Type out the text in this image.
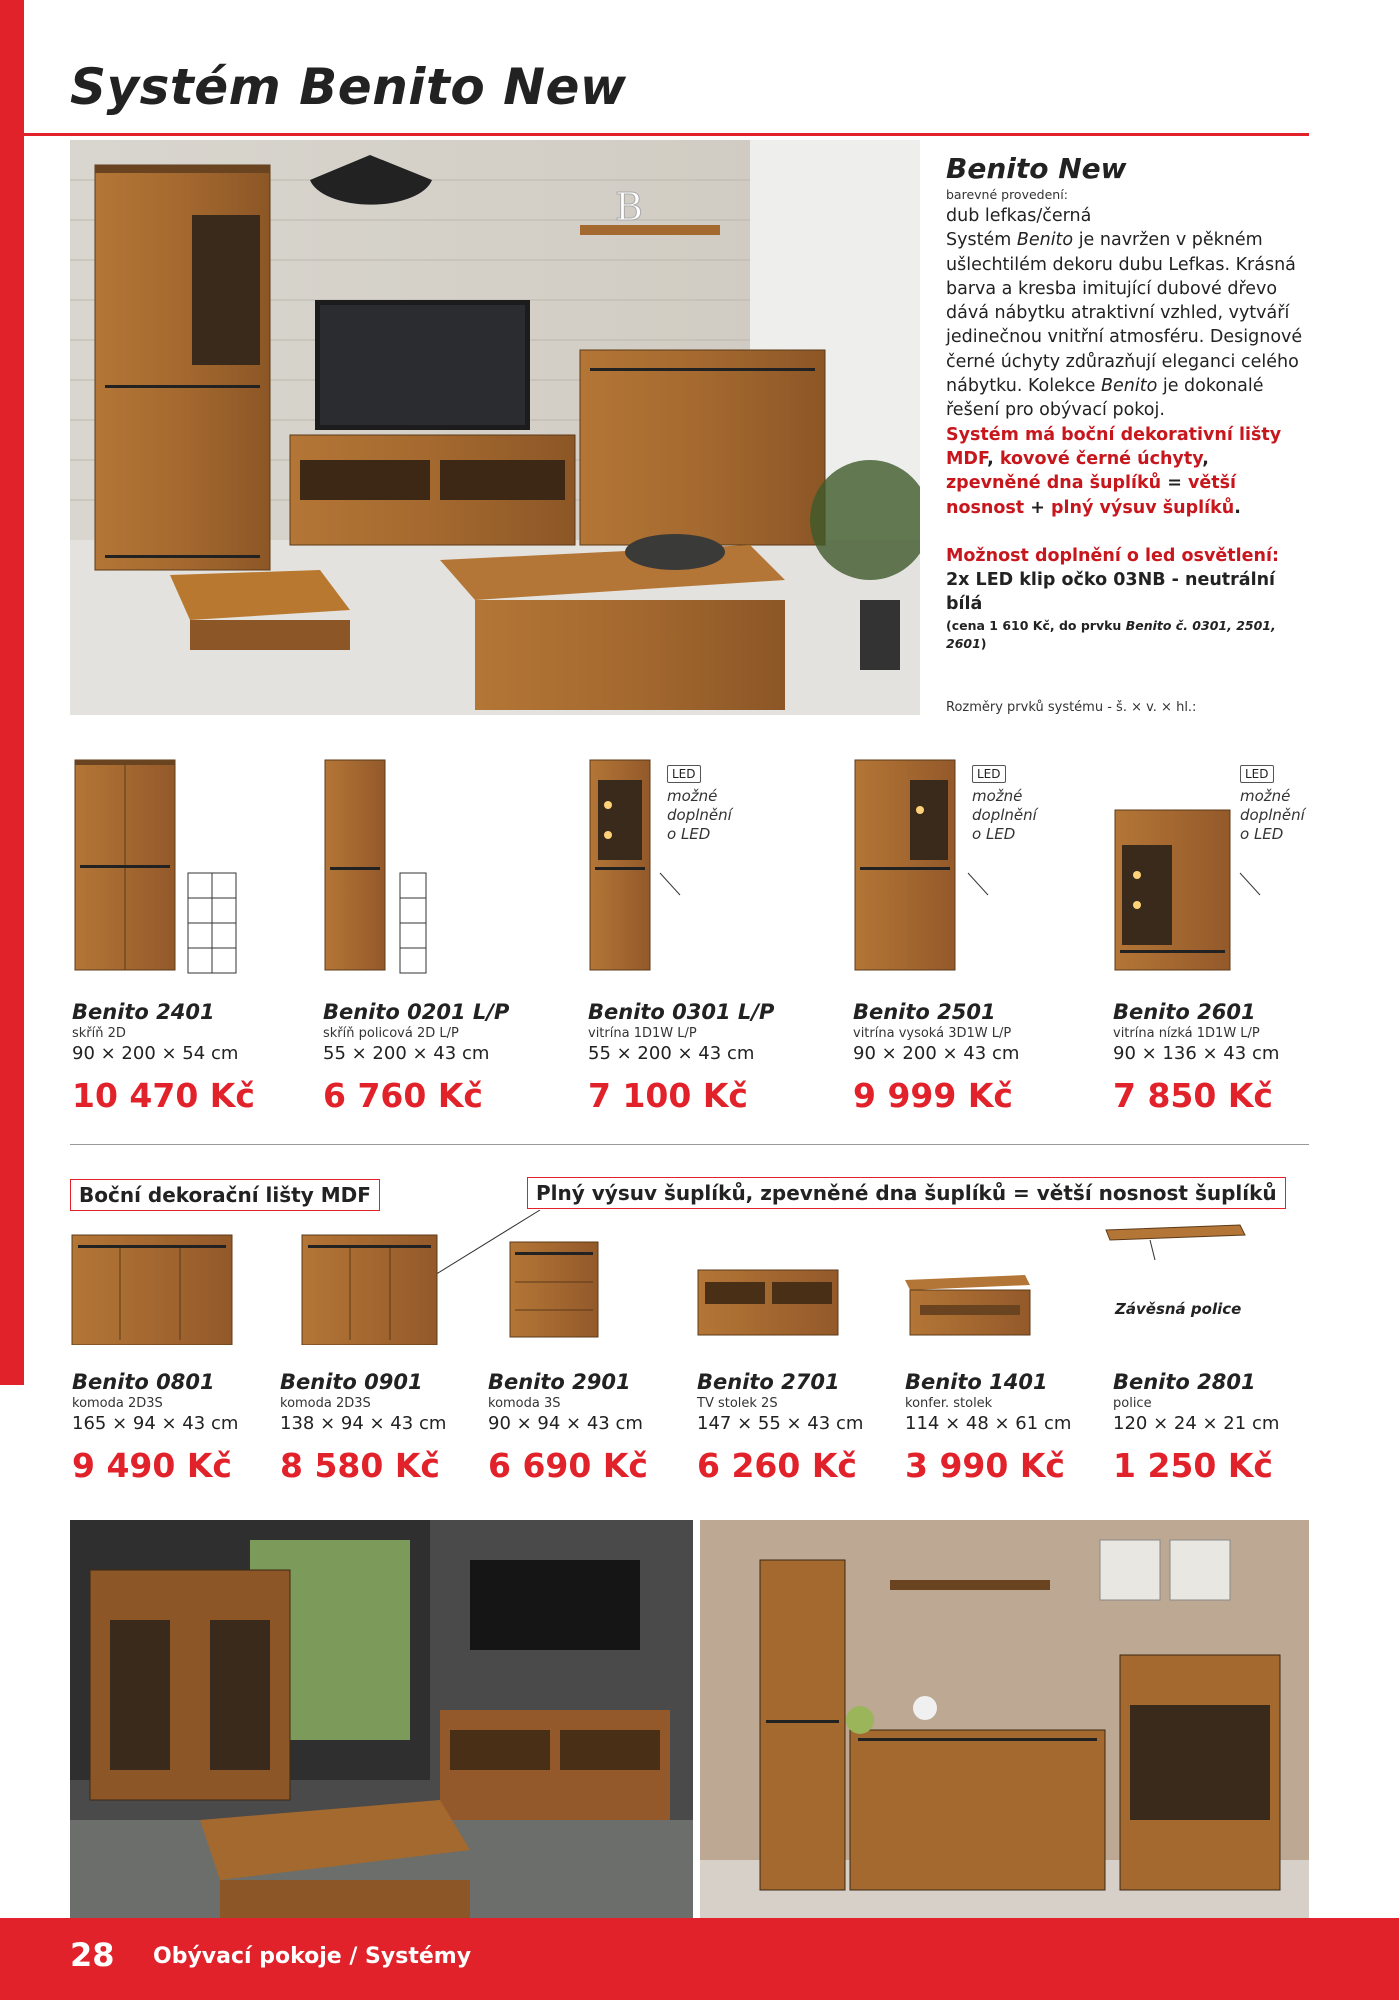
Systém Benito New
B
Benito New
barevné provedení:
dub lefkas/černá
Systém Benito je navržen v pěkném ušlechtilém dekoru dubu Lefkas. Krásná barva a kresba imitující dubové dřevo dává nábytku atraktivní vzhled, vytváří jedinečnou vnitřní atmosféru. Designové černé úchyty zdůrazňují eleganci celého nábytku. Kolekce Benito je dokonalé řešení pro obývací pokoj.
Systém má boční dekorativní lišty MDF, kovové černé úchyty, zpevněné dna šuplíků = větší nosnost + plný výsuv šuplíků.
Možnost doplnění o led osvětlení:
2x LED klip očko 03NB - neutrální bílá
(cena 1 610 Kč, do prvku Benito č. 0301, 2501, 2601)
Rozměry prvků systému - š. × v. × hl.:
LED
možné
doplnění
o LED
LED
možné
doplnění
o LED
LED
možné
doplnění
o LED
Benito 2401
skříň 2D
90 × 200 × 54 cm
10 470 Kč
Benito 0201 L/P
skříň policová 2D L/P
55 × 200 × 43 cm
6 760 Kč
Benito 0301 L/P
vitrína 1D1W L/P
55 × 200 × 43 cm
7 100 Kč
Benito 2501
vitrína vysoká 3D1W L/P
90 × 200 × 43 cm
9 999 Kč
Benito 2601
vitrína nízká 1D1W L/P
90 × 136 × 43 cm
7 850 Kč
Boční dekorační lišty MDF	Plný výsuv šuplíků, zpevněné dna šuplíků = větší nosnost šuplíků
Závěsná police
Benito 0801
komoda 2D3S
165 × 94 × 43 cm
9 490 Kč
Benito 0901
komoda 2D3S
138 × 94 × 43 cm
8 580 Kč
Benito 2901
komoda 3S
90 × 94 × 43 cm
6 690 Kč
Benito 2701
TV stolek 2S
147 × 55 × 43 cm
6 260 Kč
Benito 1401
konfer. stolek
114 × 48 × 61 cm
3 990 Kč
Benito 2801
police
120 × 24 × 21 cm
1 250 Kč
28 Obývací pokoje / Systémy
